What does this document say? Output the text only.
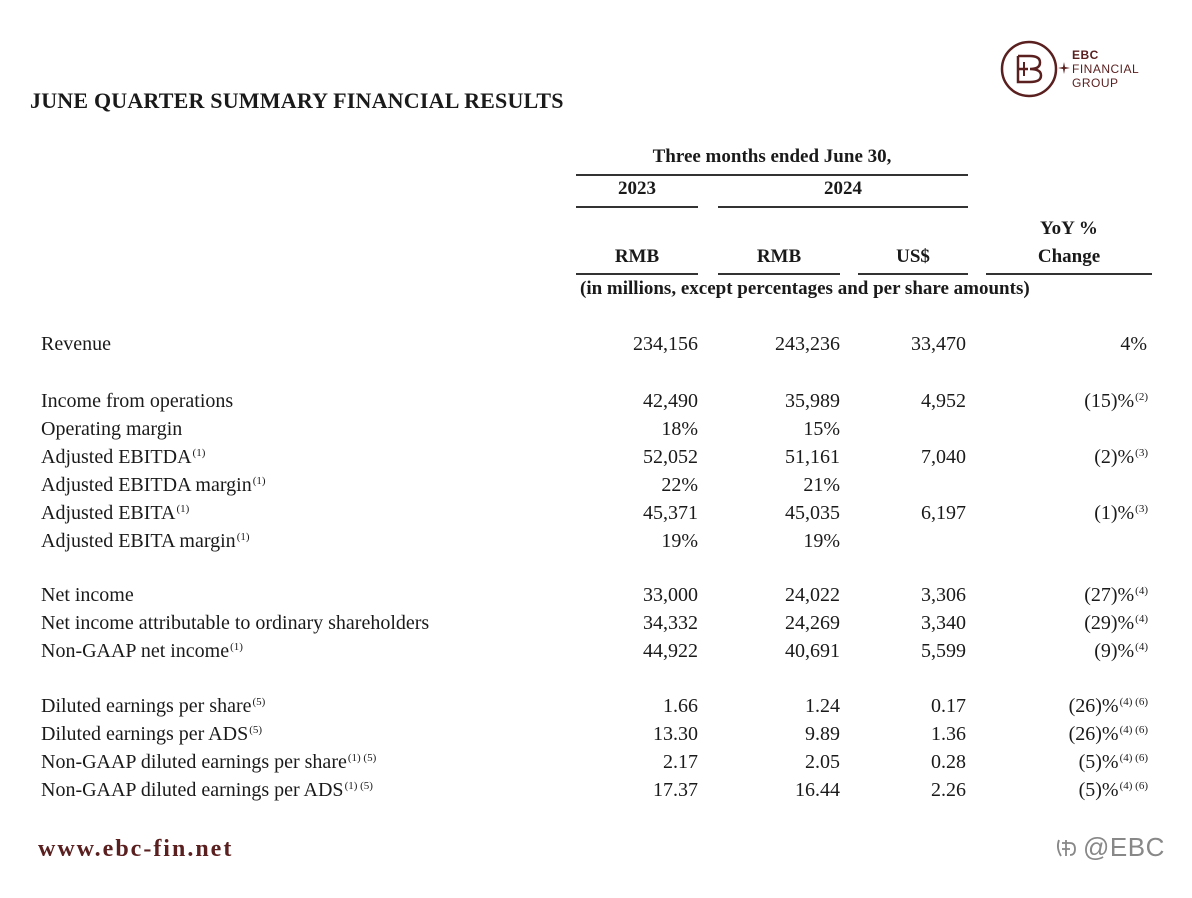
JUNE QUARTER SUMMARY FINANCIAL RESULTS
EBC
FINANCIAL
GROUP
Three months ended June 30,
2023	2024
YoY %
Change
RMB	RMB	US$
(in millions, except percentages and per share amounts)
Revenue	234,156	243,236	33,470	4%
Income from operations	42,490	35,989	4,952	(15)%$^{(2)}$
Operating margin	18%	15%
Adjusted EBITDA$^{(1)}$	52,052	51,161	7,040	(2)%$^{(3)}$
Adjusted EBITDA margin$^{(1)}$	22%	21%
Adjusted EBITA$^{(1)}$	45,371	45,035	6,197	(1)%$^{(3)}$
Adjusted EBITA margin$^{(1)}$	19%	19%
Net income	33,000	24,022	3,306	(27)%$^{(4)}$
Net income attributable to ordinary shareholders	34,332	24,269	3,340	(29)%$^{(4)}$
Non-GAAP net income$^{(1)}$	44,922	40,691	5,599	(9)%$^{(4)}$
Diluted earnings per share$^{(5)}$	1.66	1.24	0.17	(26)%$^{(4) (6)}$
Diluted earnings per ADS$^{(5)}$	13.30	9.89	1.36	(26)%$^{(4) (6)}$
Non-GAAP diluted earnings per share$^{(1) (5)}$	2.17	2.05	0.28	(5)%$^{(4) (6)}$
Non-GAAP diluted earnings per $ADS^{(1) (5)}$	17.37	16.44	2.26	(5)%$^{(4) (6)}$
www.ebc-fin.net	@EBC
